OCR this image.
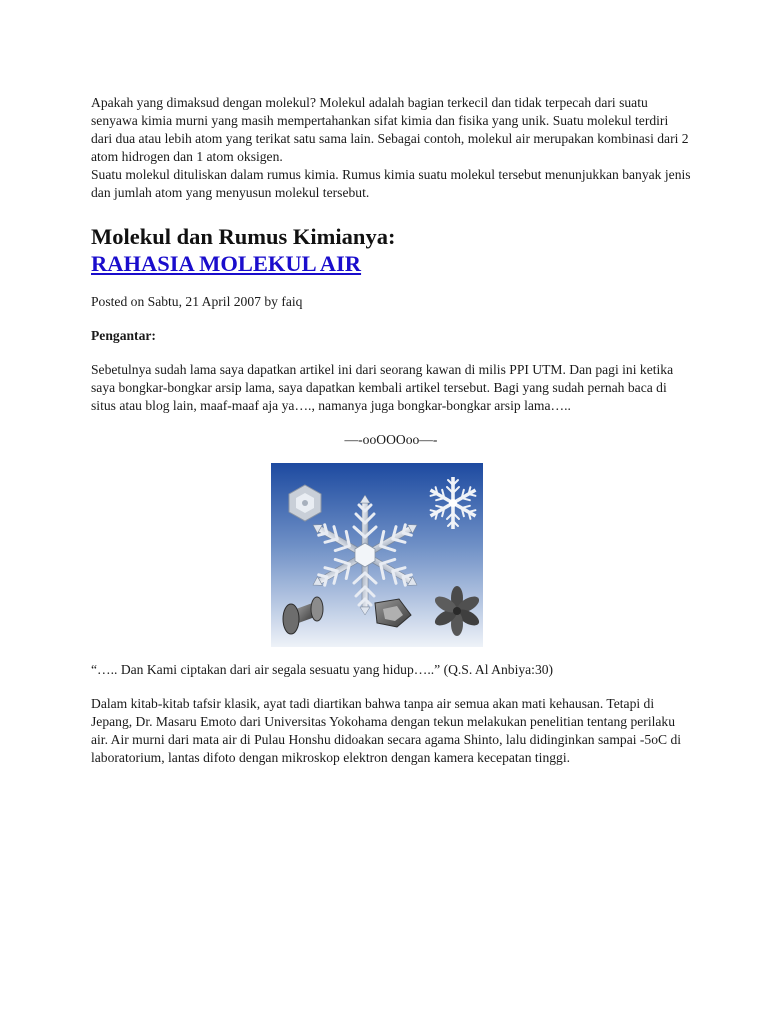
Apakah yang dimaksud dengan molekul? Molekul adalah bagian terkecil dan tidak terpecah dari suatu senyawa kimia murni yang masih mempertahankan sifat kimia dan fisika yang unik. Suatu molekul terdiri dari dua atau lebih atom yang terikat satu sama lain. Sebagai contoh, molekul air merupakan kombinasi dari 2 atom hidrogen dan 1 atom oksigen.

Suatu molekul dituliskan dalam rumus kimia. Rumus kimia suatu molekul tersebut menunjukkan banyak jenis dan jumlah atom yang menyusun molekul tersebut.

Molekul dan Rumus Kimianya:
RAHASIA MOLEKUL AIR
Posted on Sabtu, 21 April 2007 by faiq
Pengantar:
Sebetulnya sudah lama saya dapatkan artikel ini dari seorang kawan di milis PPI UTM. Dan pagi ini ketika saya bongkar-bongkar arsip lama, saya dapatkan kembali artikel tersebut. Bagi yang sudah pernah baca di situs atau blog lain, maaf-maaf aja ya…., namanya juga bongkar-bongkar arsip lama…..
—-ooOOOoo—-
“….. Dan Kami ciptakan dari air segala sesuatu yang hidup…..” (Q.S. Al Anbiya:30)
Dalam kitab-kitab tafsir klasik, ayat tadi diartikan bahwa tanpa air semua akan mati kehausan. Tetapi di Jepang, Dr. Masaru Emoto dari Universitas Yokohama dengan tekun melakukan penelitian tentang perilaku air. Air murni dari mata air di Pulau Honshu didoakan secara agama Shinto, lalu didinginkan sampai -5oC di laboratorium, lantas difoto dengan mikroskop elektron dengan kamera kecepatan tinggi.
